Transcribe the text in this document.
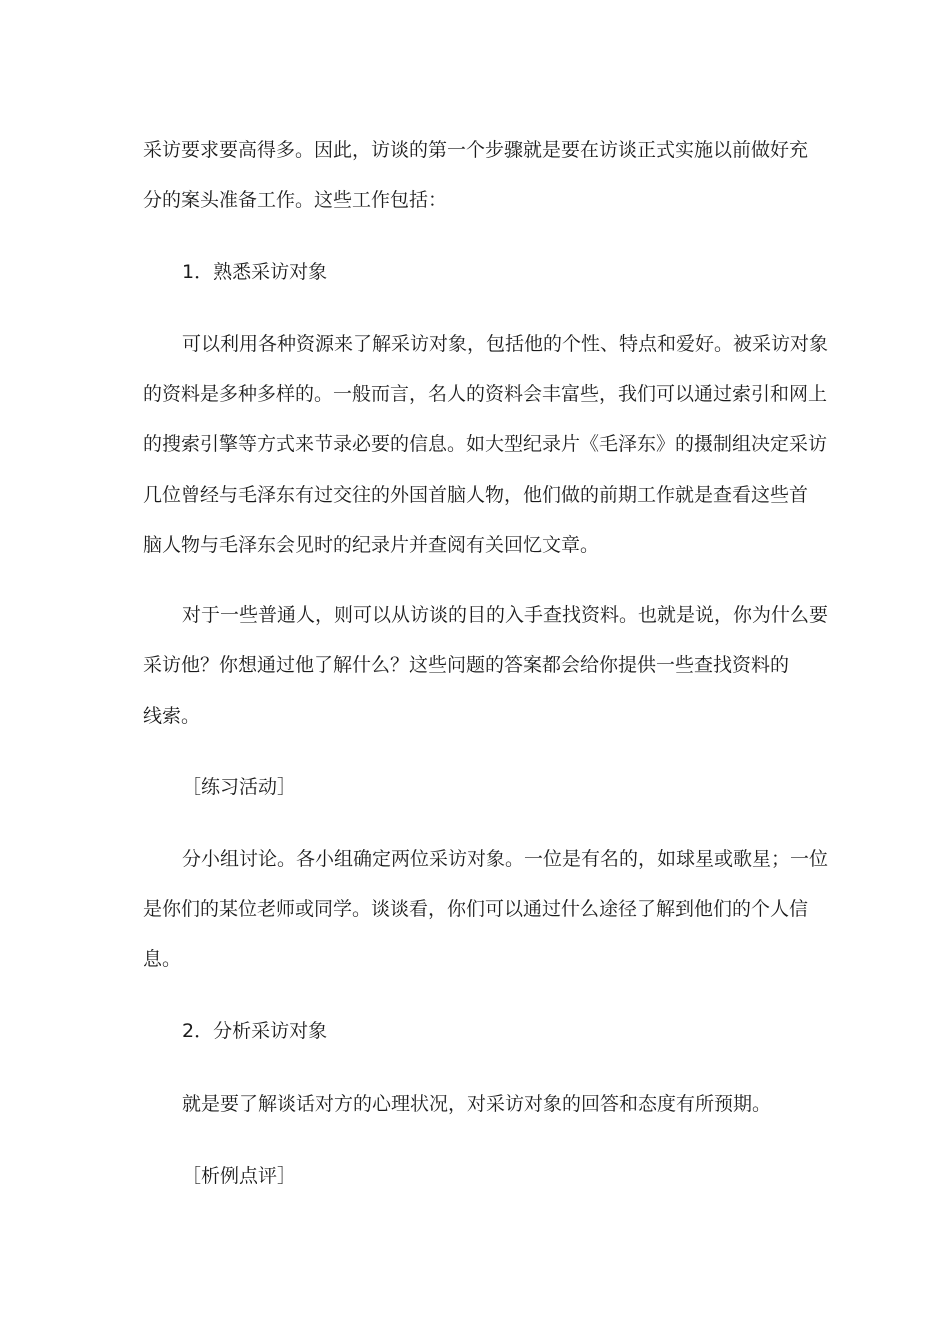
采访要求要高得多。因此，访谈的第一个步骤就是要在访谈正式实施以前做好充
分的案头准备工作。这些工作包括：
1．熟悉采访对象
可以利用各种资源来了解采访对象，包括他的个性、特点和爱好。被采访对象
的资料是多种多样的。一般而言，名人的资料会丰富些，我们可以通过索引和网上
的搜索引擎等方式来节录必要的信息。如大型纪录片《毛泽东》的摄制组决定采访
几位曾经与毛泽东有过交往的外国首脑人物，他们做的前期工作就是查看这些首
脑人物与毛泽东会见时的纪录片并查阅有关回忆文章。
对于一些普通人，则可以从访谈的目的入手查找资料。也就是说，你为什么要
采访他？你想通过他了解什么？这些问题的答案都会给你提供一些查找资料的
线索。
［练习活动］
分小组讨论。各小组确定两位采访对象。一位是有名的，如球星或歌星；一位
是你们的某位老师或同学。谈谈看，你们可以通过什么途径了解到他们的个人信
息。
2．分析采访对象
就是要了解谈话对方的心理状况，对采访对象的回答和态度有所预期。
［析例点评］
